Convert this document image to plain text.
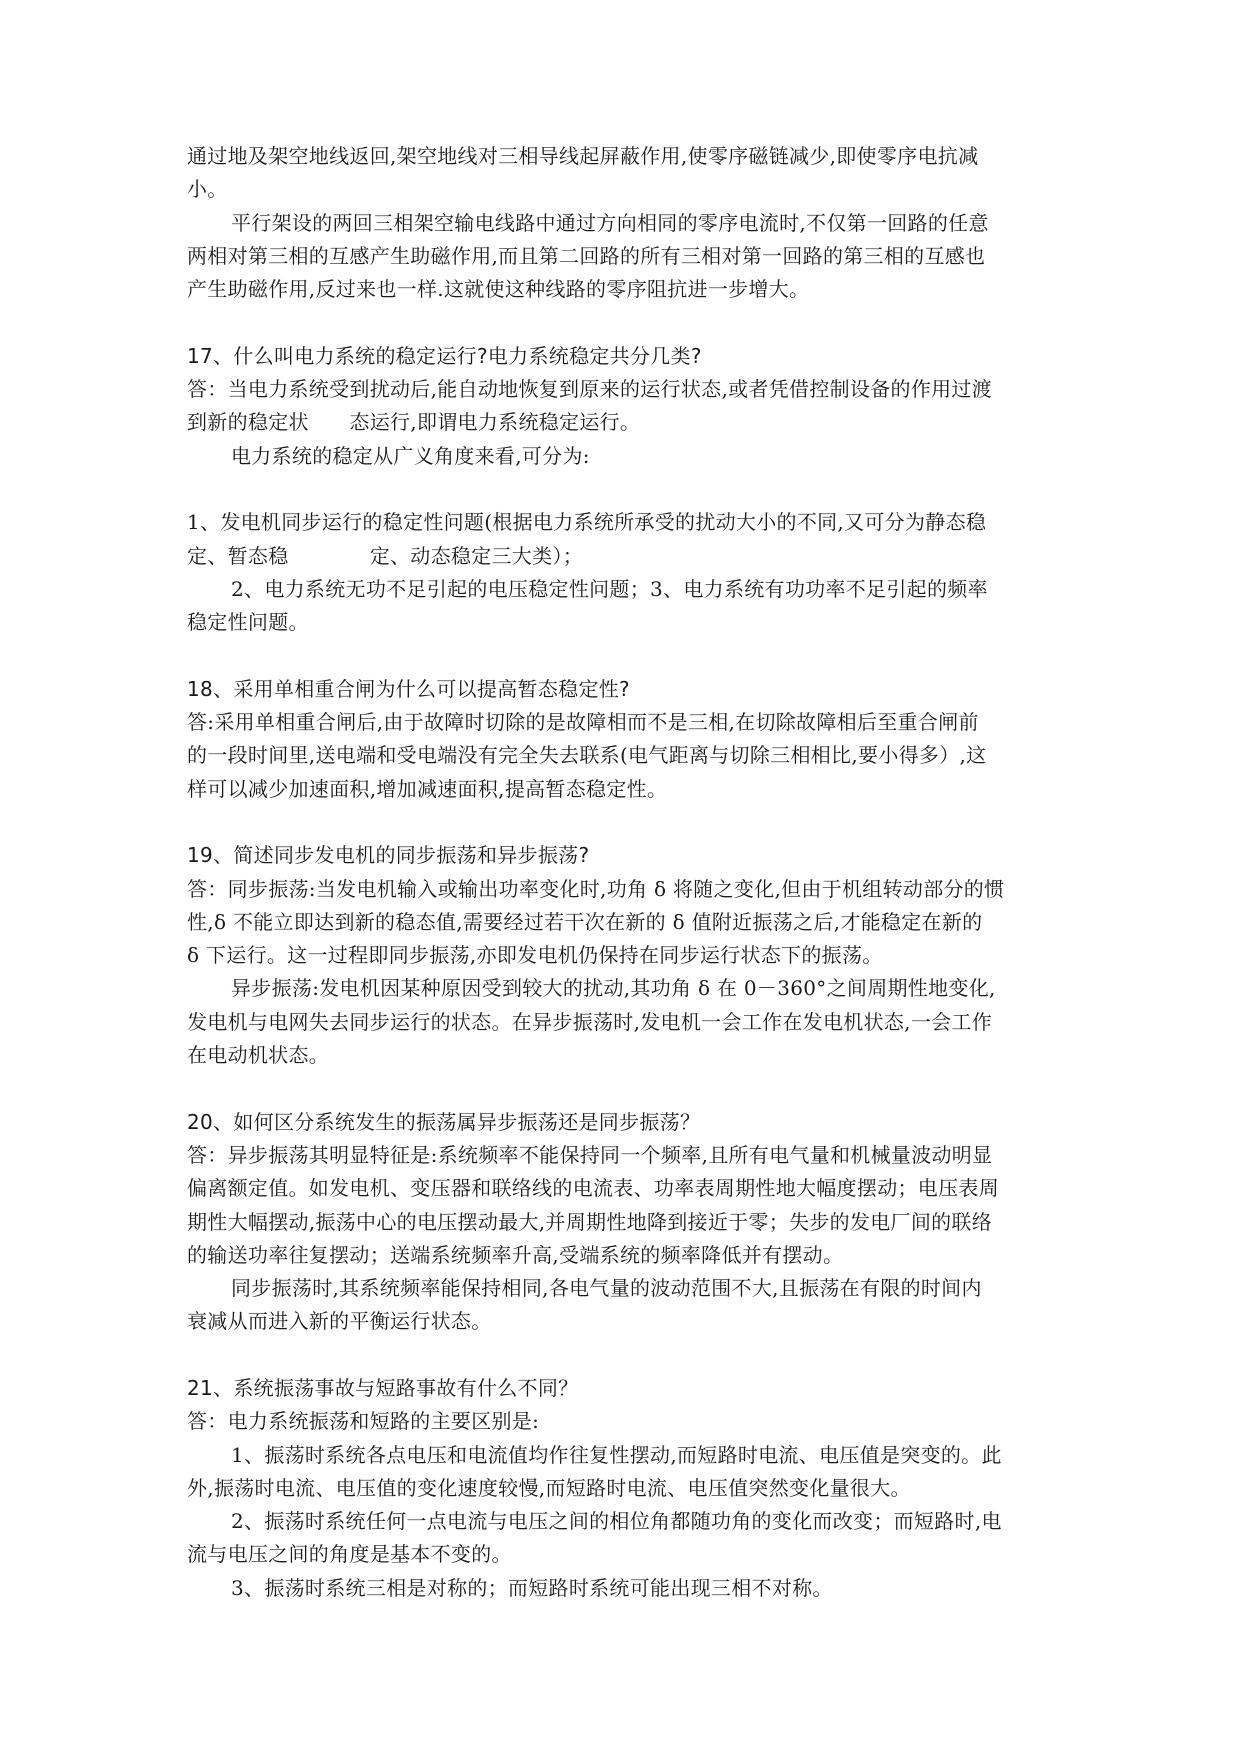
通过地及架空地线返回,架空地线对三相导线起屏蔽作用,使零序磁链减少,即使零序电抗减
小。
平行架设的两回三相架空输电线路中通过方向相同的零序电流时,不仅第一回路的任意
两相对第三相的互感产生助磁作用,而且第二回路的所有三相对第一回路的第三相的互感也
产生助磁作用,反过来也一样.这就使这种线路的零序阻抗进一步增大。
17、什么叫电力系统的稳定运行?电力系统稳定共分几类?
答：当电力系统受到扰动后,能自动地恢复到原来的运行状态,或者凭借控制设备的作用过渡
到新的稳定状　　态运行,即谓电力系统稳定运行。
电力系统的稳定从广义角度来看,可分为:
1、发电机同步运行的稳定性问题(根据电力系统所承受的扰动大小的不同,又可分为静态稳
定、暂态稳　　　　定、动态稳定三大类）；
2、电力系统无功不足引起的电压稳定性问题；3、电力系统有功功率不足引起的频率
稳定性问题。
18、采用单相重合闸为什么可以提高暂态稳定性?
答:采用单相重合闸后,由于故障时切除的是故障相而不是三相,在切除故障相后至重合闸前
的一段时间里,送电端和受电端没有完全失去联系(电气距离与切除三相相比,要小得多）,这
样可以减少加速面积,增加减速面积,提高暂态稳定性。
19、简述同步发电机的同步振荡和异步振荡?
答：同步振荡:当发电机输入或输出功率变化时,功角 δ 将随之变化,但由于机组转动部分的惯
性,δ 不能立即达到新的稳态值,需要经过若干次在新的 δ 值附近振荡之后,才能稳定在新的
δ 下运行。这一过程即同步振荡,亦即发电机仍保持在同步运行状态下的振荡。
异步振荡:发电机因某种原因受到较大的扰动,其功角 δ 在 0－360°之间周期性地变化,
发电机与电网失去同步运行的状态。在异步振荡时,发电机一会工作在发电机状态,一会工作
在电动机状态。
20、如何区分系统发生的振荡属异步振荡还是同步振荡？
答：异步振荡其明显特征是:系统频率不能保持同一个频率,且所有电气量和机械量波动明显
偏离额定值。如发电机、变压器和联络线的电流表、功率表周期性地大幅度摆动；电压表周
期性大幅摆动,振荡中心的电压摆动最大,并周期性地降到接近于零；失步的发电厂间的联络
的输送功率往复摆动；送端系统频率升高,受端系统的频率降低并有摆动。
同步振荡时,其系统频率能保持相同,各电气量的波动范围不大,且振荡在有限的时间内
衰减从而进入新的平衡运行状态。
21、系统振荡事故与短路事故有什么不同？
答：电力系统振荡和短路的主要区别是:
1、振荡时系统各点电压和电流值均作往复性摆动,而短路时电流、电压值是突变的。此
外,振荡时电流、电压值的变化速度较慢,而短路时电流、电压值突然变化量很大。
2、振荡时系统任何一点电流与电压之间的相位角都随功角的变化而改变；而短路时,电
流与电压之间的角度是基本不变的。
3、振荡时系统三相是对称的；而短路时系统可能出现三相不对称。
